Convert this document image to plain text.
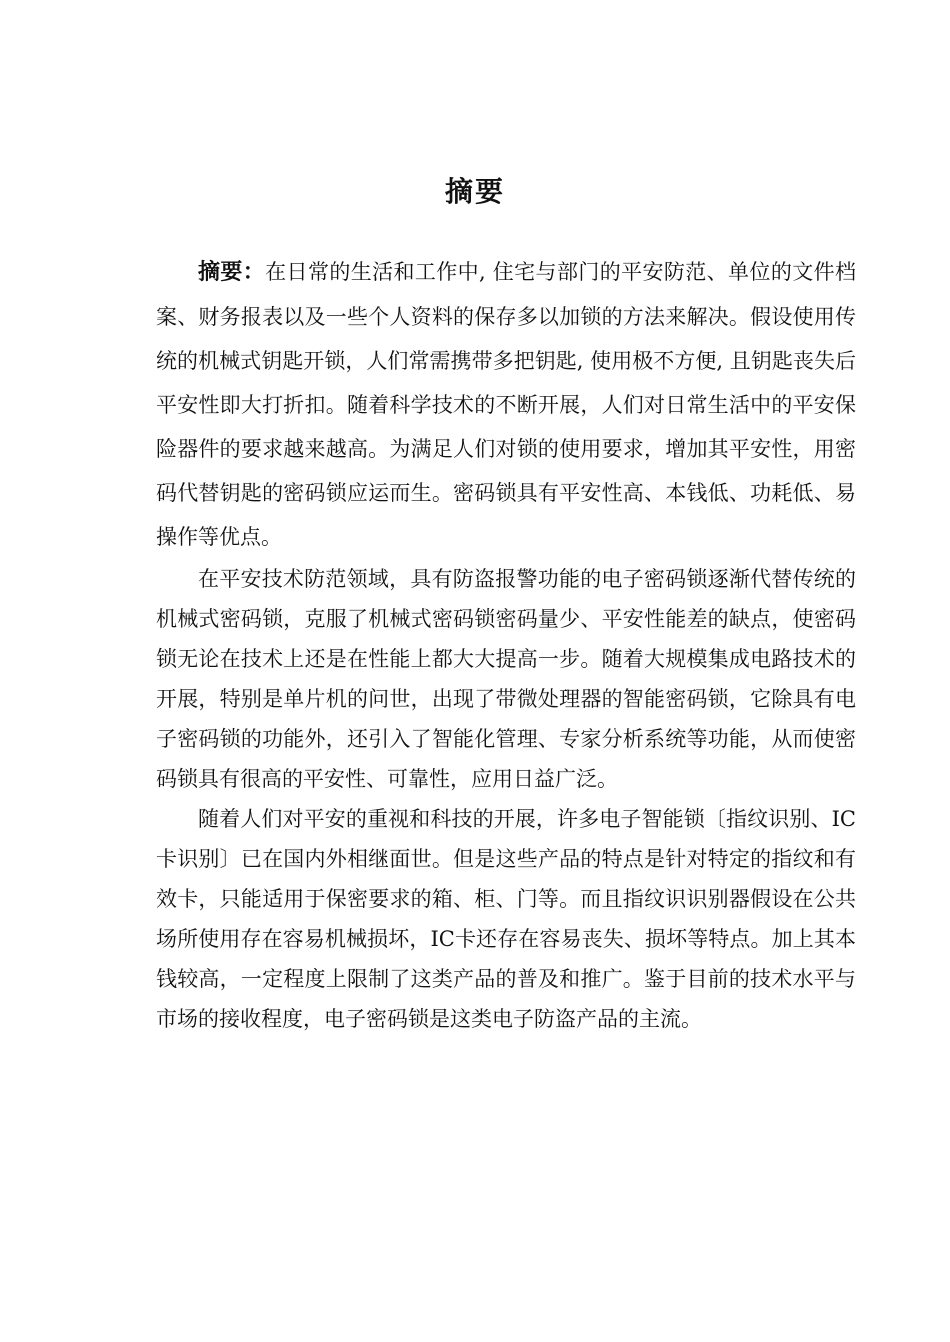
摘要

摘要：在日常的生活和工作中, 住宅与部门的平安防范、单位的文件档案、财务报表以及一些个人资料的保存多以加锁的方法来解决。假设使用传统的机械式钥匙开锁，人们常需携带多把钥匙, 使用极不方便, 且钥匙丧失后平安性即大打折扣。随着科学技术的不断开展，人们对日常生活中的平安保险器件的要求越来越高。为满足人们对锁的使用要求，增加其平安性，用密码代替钥匙的密码锁应运而生。密码锁具有平安性高、本钱低、功耗低、易操作等优点。

在平安技术防范领域，具有防盗报警功能的电子密码锁逐渐代替传统的机械式密码锁，克服了机械式密码锁密码量少、平安性能差的缺点，使密码锁无论在技术上还是在性能上都大大提高一步。随着大规模集成电路技术的开展，特别是单片机的问世，出现了带微处理器的智能密码锁，它除具有电子密码锁的功能外，还引入了智能化管理、专家分析系统等功能，从而使密码锁具有很高的平安性、可靠性，应用日益广泛。

随着人们对平安的重视和科技的开展，许多电子智能锁〔指纹识别、IC卡识别〕已在国内外相继面世。但是这些产品的特点是针对特定的指纹和有效卡，只能适用于保密要求的箱、柜、门等。而且指纹识识别器假设在公共场所使用存在容易机械损坏，IC卡还存在容易丧失、损坏等特点。加上其本钱较高，一定程度上限制了这类产品的普及和推广。鉴于目前的技术水平与市场的接收程度，电子密码锁是这类电子防盗产品的主流。
